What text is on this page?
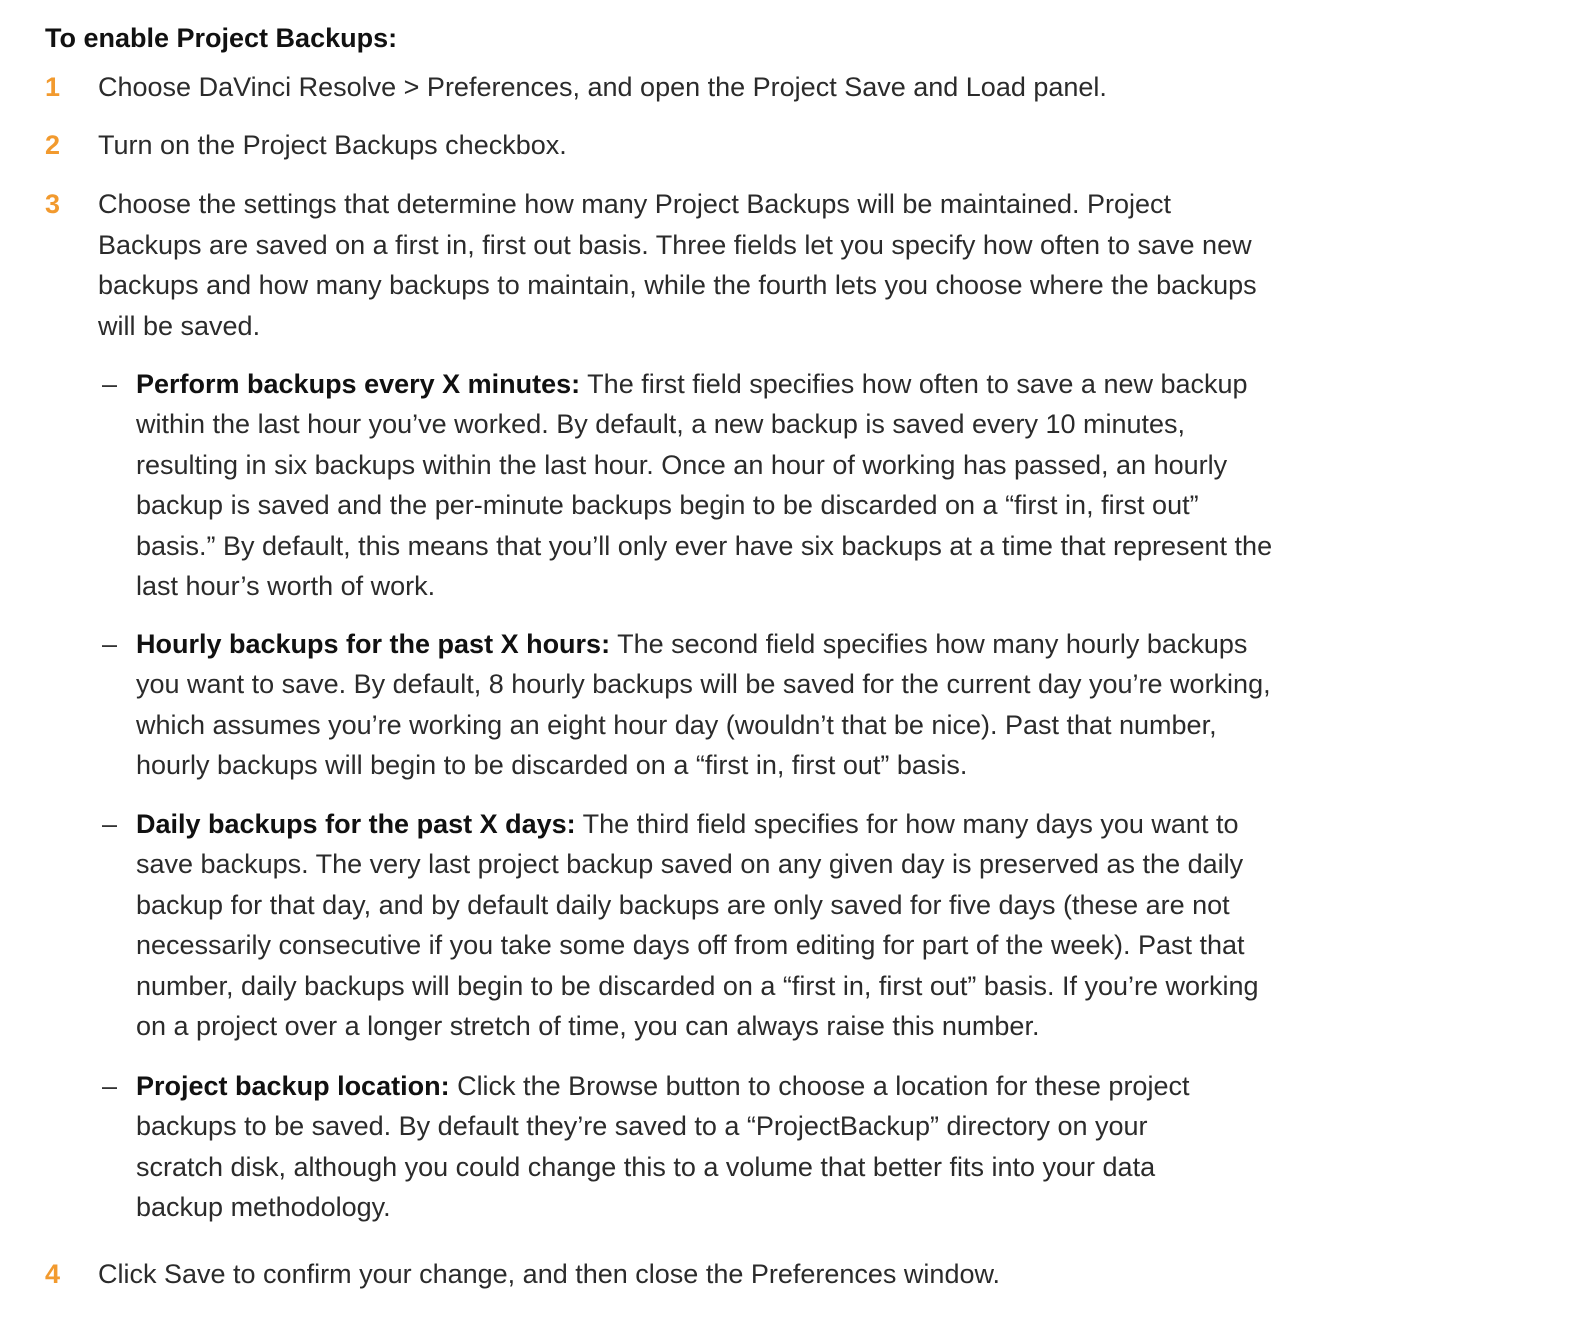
To enable Project Backups:
1	Choose DaVinci Resolve > Preferences, and open the Project Save and Load panel.
2	Turn on the Project Backups checkbox.
3	Choose the settings that determine how many Project Backups will be maintained. Project
Backups are saved on a first in, first out basis. Three fields let you specify how often to save new
backups and how many backups to maintain, while the fourth lets you choose where the backups
will be saved.
– Perform backups every X minutes: The first field specifies how often to save a new backup
within the last hour you’ve worked. By default, a new backup is saved every 10 minutes,
resulting in six backups within the last hour. Once an hour of working has passed, an hourly
backup is saved and the per-minute backups begin to be discarded on a “first in, first out”
basis.” By default, this means that you’ll only ever have six backups at a time that represent the
last hour’s worth of work.
– Hourly backups for the past X hours: The second field specifies how many hourly backups
you want to save. By default, 8 hourly backups will be saved for the current day you’re working,
which assumes you’re working an eight hour day (wouldn’t that be nice). Past that number,
hourly backups will begin to be discarded on a “first in, first out” basis.
– Daily backups for the past X days: The third field specifies for how many days you want to
save backups. The very last project backup saved on any given day is preserved as the daily
backup for that day, and by default daily backups are only saved for five days (these are not
necessarily consecutive if you take some days off from editing for part of the week). Past that
number, daily backups will begin to be discarded on a “first in, first out” basis. If you’re working
on a project over a longer stretch of time, you can always raise this number.
– Project backup location: Click the Browse button to choose a location for these project
backups to be saved. By default they’re saved to a “ProjectBackup” directory on your
scratch disk, although you could change this to a volume that better fits into your data
backup methodology.
4	Click Save to confirm your change, and then close the Preferences window.
